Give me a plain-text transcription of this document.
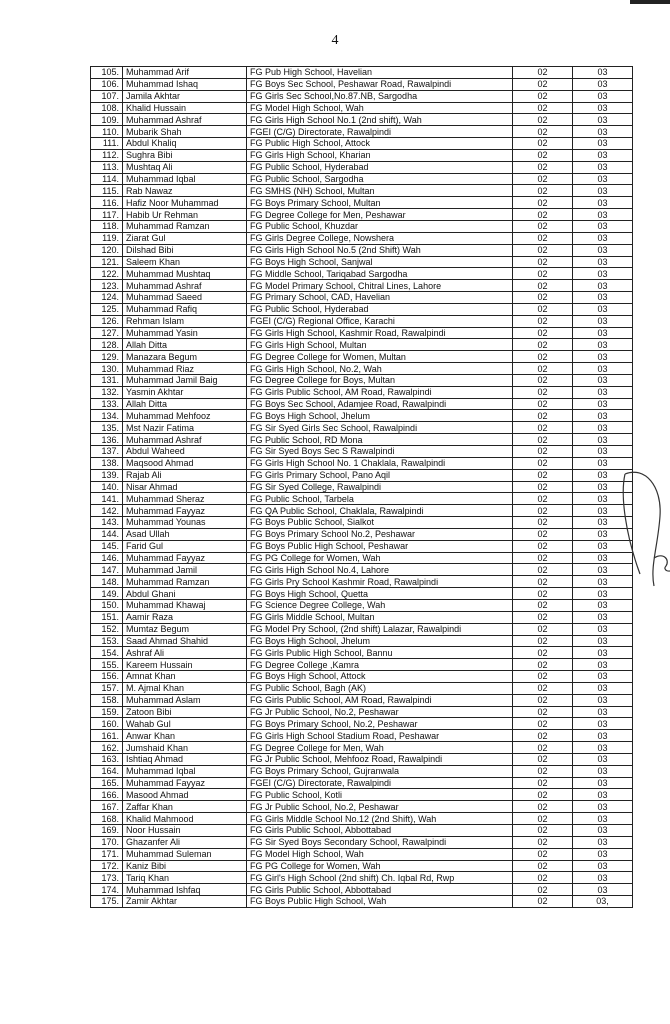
4
105.	Muhammad Arif	FG Pub High School, Havelian	02	03
106.	Muhammad Ishaq	FG Boys Sec School, Peshawar Road, Rawalpindi	02	03
107.	Jamila Akhtar	FG Girls Sec School,No.87.NB, Sargodha	02	03
108.	Khalid Hussain	FG Model High School, Wah	02	03
109.	Muhammad Ashraf	FG Girls High School No.1 (2nd shift), Wah	02	03
110.	Mubarik Shah	FGEI (C/G) Directorate, Rawalpindi	02	03
111.	Abdul Khaliq	FG Public High School, Attock	02	03
112.	Sughra Bibi	FG Girls High School, Kharian	02	03
113.	Mushtaq Ali	FG Public School, Hyderabad	02	03
114.	Muhammad Iqbal	FG Public School, Sargodha	02	03
115.	Rab Nawaz	FG SMHS (NH) School, Multan	02	03
116.	Hafiz Noor Muhammad	FG Boys Primary School, Multan	02	03
117.	Habib Ur Rehman	FG Degree College for Men, Peshawar	02	03
118.	Muhammad Ramzan	FG Public School, Khuzdar	02	03
119.	Ziarat Gul	FG Girls Degree College, Nowshera	02	03
120.	Dilshad Bibi	FG Girls High School No.5 (2nd Shift) Wah	02	03
121.	Saleem Khan	FG Boys High School, Sanjwal	02	03
122.	Muhammad Mushtaq	FG Middle School, Tariqabad Sargodha	02	03
123.	Muhammad Ashraf	FG Model Primary School, Chitral Lines, Lahore	02	03
124.	Muhammad Saeed	FG Primary School, CAD, Havelian	02	03
125.	Muhammad Rafiq	FG Public School, Hyderabad	02	03
126.	Rehman Islam	FGEI (C/G) Regional Office, Karachi	02	03
127.	Muhammad Yasin	FG Girls High School, Kashmir Road, Rawalpindi	02	03
128.	Allah Ditta	FG Girls High School, Multan	02	03
129.	Manazara Begum	FG Degree College for Women, Multan	02	03
130.	Muhammad Riaz	FG Girls High School, No.2, Wah	02	03
131.	Muhammad Jamil Baig	FG Degree College for Boys, Multan	02	03
132.	Yasmin Akhtar	FG Girls Public School, AM Road, Rawalpindi	02	03
133.	Allah Ditta	FG Boys Sec School, Adamjee Road, Rawalpindi	02	03
134.	Muhammad Mehfooz	FG Boys High School, Jhelum	02	03
135.	Mst Nazir Fatima	FG Sir Syed Girls Sec School, Rawalpindi	02	03
136.	Muhammad Ashraf	FG Public School, RD Mona	02	03
137.	Abdul Waheed	FG Sir Syed Boys Sec S Rawalpindi	02	03
138.	Maqsood Ahmad	FG Girls High School No. 1 Chaklala, Rawalpindi	02	03
139.	Rajab Ali	FG Girls Primary School, Pano Aqil	02	03
140.	Nisar Ahmad	FG Sir Syed College, Rawalpindi	02	03
141.	Muhammad Sheraz	FG Public School, Tarbela	02	03
142.	Muhammad Fayyaz	FG QA Public School, Chaklala, Rawalpindi	02	03
143.	Muhammad Younas	FG Boys Public School, Sialkot	02	03
144.	Asad Ullah	FG Boys Primary School No.2, Peshawar	02	03
145.	Farid Gul	FG Boys Public High School, Peshawar	02	03
146.	Muhammad Fayyaz	FG PG College for Women, Wah	02	03
147.	Muhammad Jamil	FG Girls High School No.4, Lahore	02	03
148.	Muhammad Ramzan	FG Girls Pry School Kashmir Road, Rawalpindi	02	03
149.	Abdul Ghani	FG Boys High School, Quetta	02	03
150.	Muhammad Khawaj	FG Science Degree College, Wah	02	03
151.	Aamir Raza	FG Girls Middle School, Multan	02	03
152.	Mumtaz Begum	FG Model Pry School, (2nd shift) Lalazar, Rawalpindi	02	03
153.	Saad Ahmad Shahid	FG Boys High School, Jhelum	02	03
154.	Ashraf Ali	FG Girls Public High School, Bannu	02	03
155.	Kareem Hussain	FG Degree College ,Kamra	02	03
156.	Amnat Khan	FG Boys High School, Attock	02	03
157.	M. Ajmal Khan	FG Public School, Bagh (AK)	02	03
158.	Muhammad Aslam	FG Girls Public School, AM Road, Rawalpindi	02	03
159.	Zatoon Bibi	FG Jr Public School, No.2, Peshawar	02	03
160.	Wahab Gul	FG Boys Primary School, No.2, Peshawar	02	03
161.	Anwar Khan	FG Girls High School Stadium Road, Peshawar	02	03
162.	Jumshaid Khan	FG Degree College for Men, Wah	02	03
163.	Ishtiaq Ahmad	FG Jr Public School, Mehfooz Road, Rawalpindi	02	03
164.	Muhammad Iqbal	FG Boys Primary School, Gujranwala	02	03
165.	Muhammad Fayyaz	FGEI (C/G) Directorate, Rawalpindi	02	03
166.	Masood Ahmad	FG Public School, Kotli	02	03
167.	Zaffar Khan	FG Jr Public School, No.2, Peshawar	02	03
168.	Khalid Mahmood	FG Girls Middle School No.12 (2nd Shift), Wah	02	03
169.	Noor Hussain	FG Girls Public School, Abbottabad	02	03
170.	Ghazanfer Ali	FG Sir Syed Boys Secondary School, Rawalpindi	02	03
171.	Muhammad Suleman	FG Model High School, Wah	02	03
172.	Kaniz Bibi	FG PG College for Women, Wah	02	03
173.	Tariq Khan	FG Girl's High School (2nd shift) Ch. Iqbal Rd, Rwp	02	03
174.	Muhammad Ishfaq	FG Girls Public School, Abbottabad	02	03
175.	Zamir Akhtar	FG Boys Public High School, Wah	02	03,
